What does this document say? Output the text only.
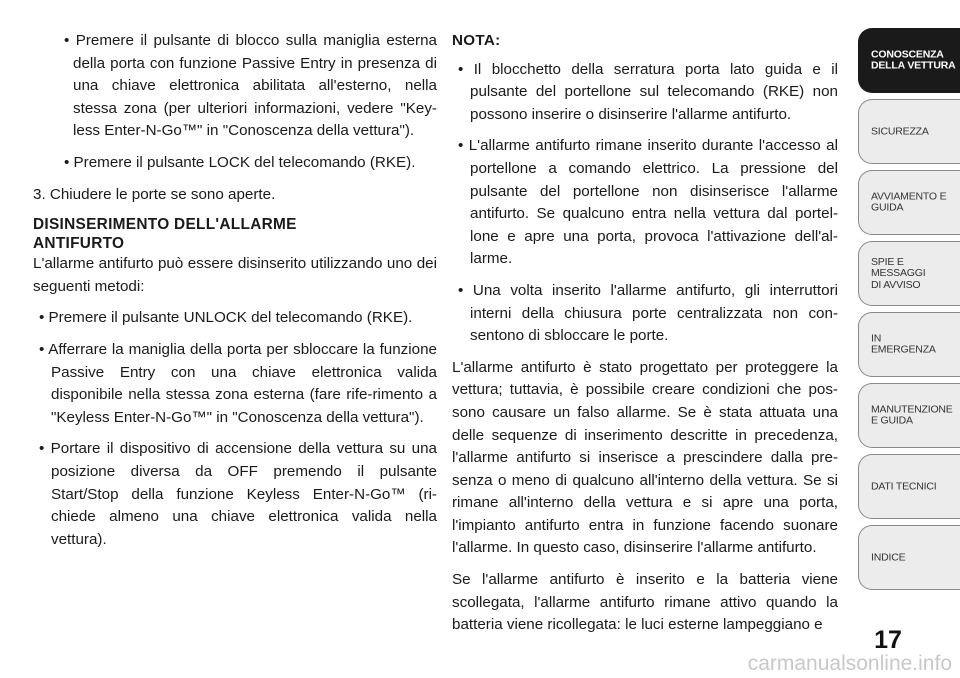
• Premere il pulsante di blocco sulla maniglia esterna della porta con funzione Passive Entry in presenza di una chiave elettronica abilitata all'esterno, nella stessa zona (per ulteriori informazioni, vedere "Key-less Enter-N-Go™" in "Conoscenza della vettura").

• Premere il pulsante LOCK del telecomando (RKE).

3. Chiudere le porte se sono aperte.

DISINSERIMENTO DELL'ALLARME
ANTIFURTO

L'allarme antifurto può essere disinserito utilizzando uno dei seguenti metodi:

• Premere il pulsante UNLOCK del telecomando (RKE).

• Afferrare la maniglia della porta per sbloccare la funzione Passive Entry con una chiave elettronica valida disponibile nella stessa zona esterna (fare rife-rimento a "Keyless Enter-N-Go™" in "Conoscenza della vettura").

• Portare il dispositivo di accensione della vettura su una posizione diversa da OFF premendo il pulsante Start/Stop della funzione Keyless Enter-N-Go™ (ri-chiede almeno una chiave elettronica valida nella vettura).

NOTA:

• Il blocchetto della serratura porta lato guida e il pulsante del portellone sul telecomando (RKE) non possono inserire o disinserire l'allarme antifurto.

• L'allarme antifurto rimane inserito durante l'accesso al portellone a comando elettrico. La pressione del pulsante del portellone non disinserisce l'allarme antifurto. Se qualcuno entra nella vettura dal portel-lone e apre una porta, provoca l'attivazione dell'al-larme.

• Una volta inserito l'allarme antifurto, gli interruttori interni della chiusura porte centralizzata non con-sentono di sbloccare le porte.

L'allarme antifurto è stato progettato per proteggere la vettura; tuttavia, è possibile creare condizioni che pos-sono causare un falso allarme. Se è stata attuata una delle sequenze di inserimento descritte in precedenza, l'allarme antifurto si inserisce a prescindere dalla pre-senza o meno di qualcuno all'interno della vettura. Se si rimane all'interno della vettura e si apre una porta, l'impianto antifurto entra in funzione facendo suonare l'allarme. In questo caso, disinserire l'allarme antifurto.

Se l'allarme antifurto è inserito e la batteria viene scollegata, l'allarme antifurto rimane attivo quando la batteria viene ricollegata: le luci esterne lampeggiano e

CONOSCENZA
DELLA VETTURA
SICUREZZA
AVVIAMENTO E
GUIDA
SPIE E
MESSAGGI
DI AVVISO
IN
EMERGENZA
MANUTENZIONE
E GUIDA
DATI TECNICI
INDICE
17
carmanualsonline.info
